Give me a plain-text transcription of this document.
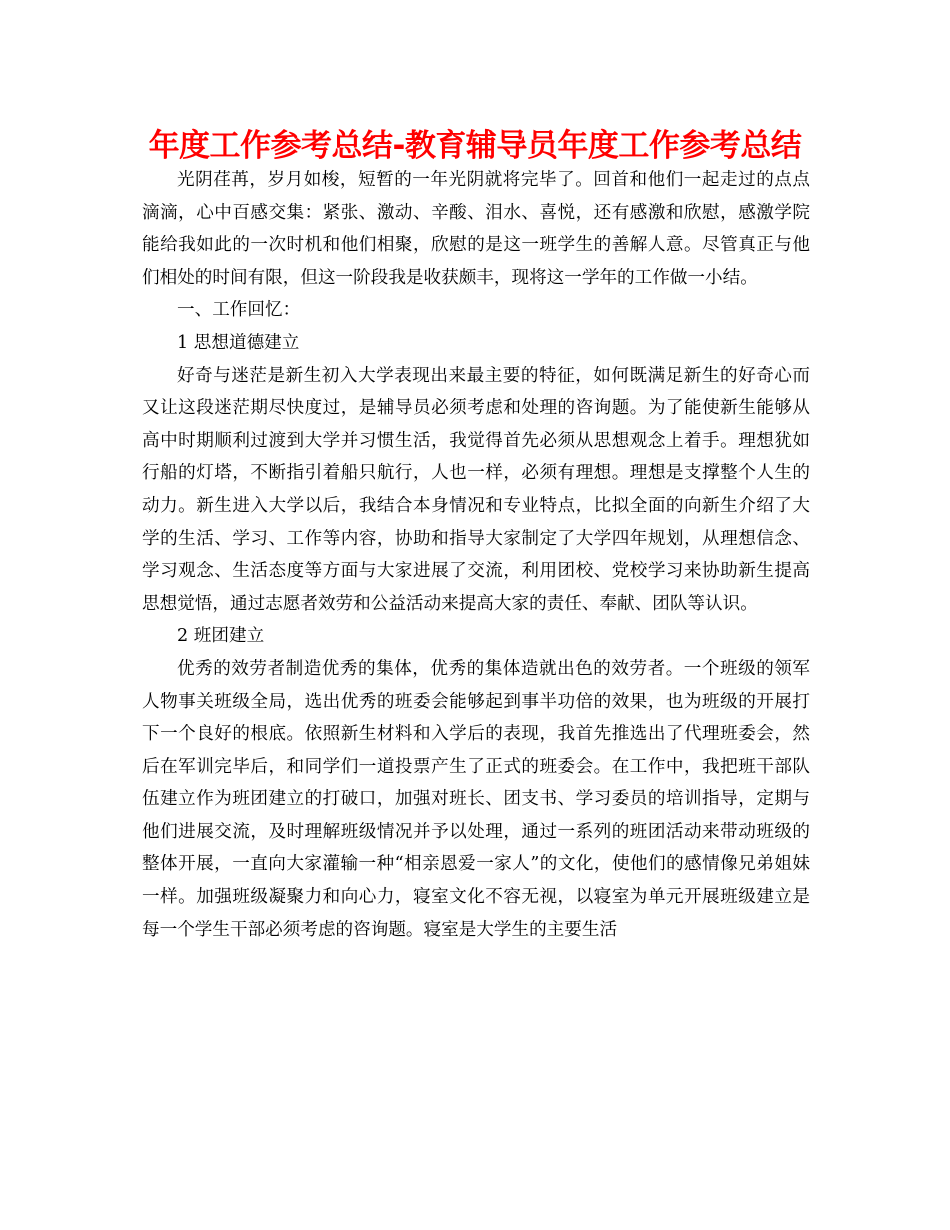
年度工作参考总结-教育辅导员年度工作参考总结

光阴荏苒，岁月如梭，短暂的一年光阴就将完毕了。回首和他们一起走过的点点滴滴，心中百感交集：紧张、激动、辛酸、泪水、喜悦，还有感激和欣慰，感激学院能给我如此的一次时机和他们相聚，欣慰的是这一班学生的善解人意。尽管真正与他们相处的时间有限，但这一阶段我是收获颇丰，现将这一学年的工作做一小结。

一、工作回忆：

1 思想道德建立

好奇与迷茫是新生初入大学表现出来最主要的特征，如何既满足新生的好奇心而又让这段迷茫期尽快度过，是辅导员必须考虑和处理的咨询题。为了能使新生能够从高中时期顺利过渡到大学并习惯生活，我觉得首先必须从思想观念上着手。理想犹如行船的灯塔，不断指引着船只航行，人也一样，必须有理想。理想是支撑整个人生的动力。新生进入大学以后，我结合本身情况和专业特点，比拟全面的向新生介绍了大学的生活、学习、工作等内容，协助和指导大家制定了大学四年规划，从理想信念、学习观念、生活态度等方面与大家进展了交流，利用团校、党校学习来协助新生提高思想觉悟，通过志愿者效劳和公益活动来提高大家的责任、奉献、团队等认识。

2 班团建立

优秀的效劳者制造优秀的集体，优秀的集体造就出色的效劳者。一个班级的领军人物事关班级全局，选出优秀的班委会能够起到事半功倍的效果，也为班级的开展打下一个良好的根底。依照新生材料和入学后的表现，我首先推选出了代理班委会，然后在军训完毕后，和同学们一道投票产生了正式的班委会。在工作中，我把班干部队伍建立作为班团建立的打破口，加强对班长、团支书、学习委员的培训指导，定期与他们进展交流，及时理解班级情况并予以处理，通过一系列的班团活动来带动班级的整体开展，一直向大家灌输一种“相亲恩爱一家人”的文化，使他们的感情像兄弟姐妹一样。加强班级凝聚力和向心力，寝室文化不容无视，以寝室为单元开展班级建立是每一个学生干部必须考虑的咨询题。寝室是大学生的主要生活
